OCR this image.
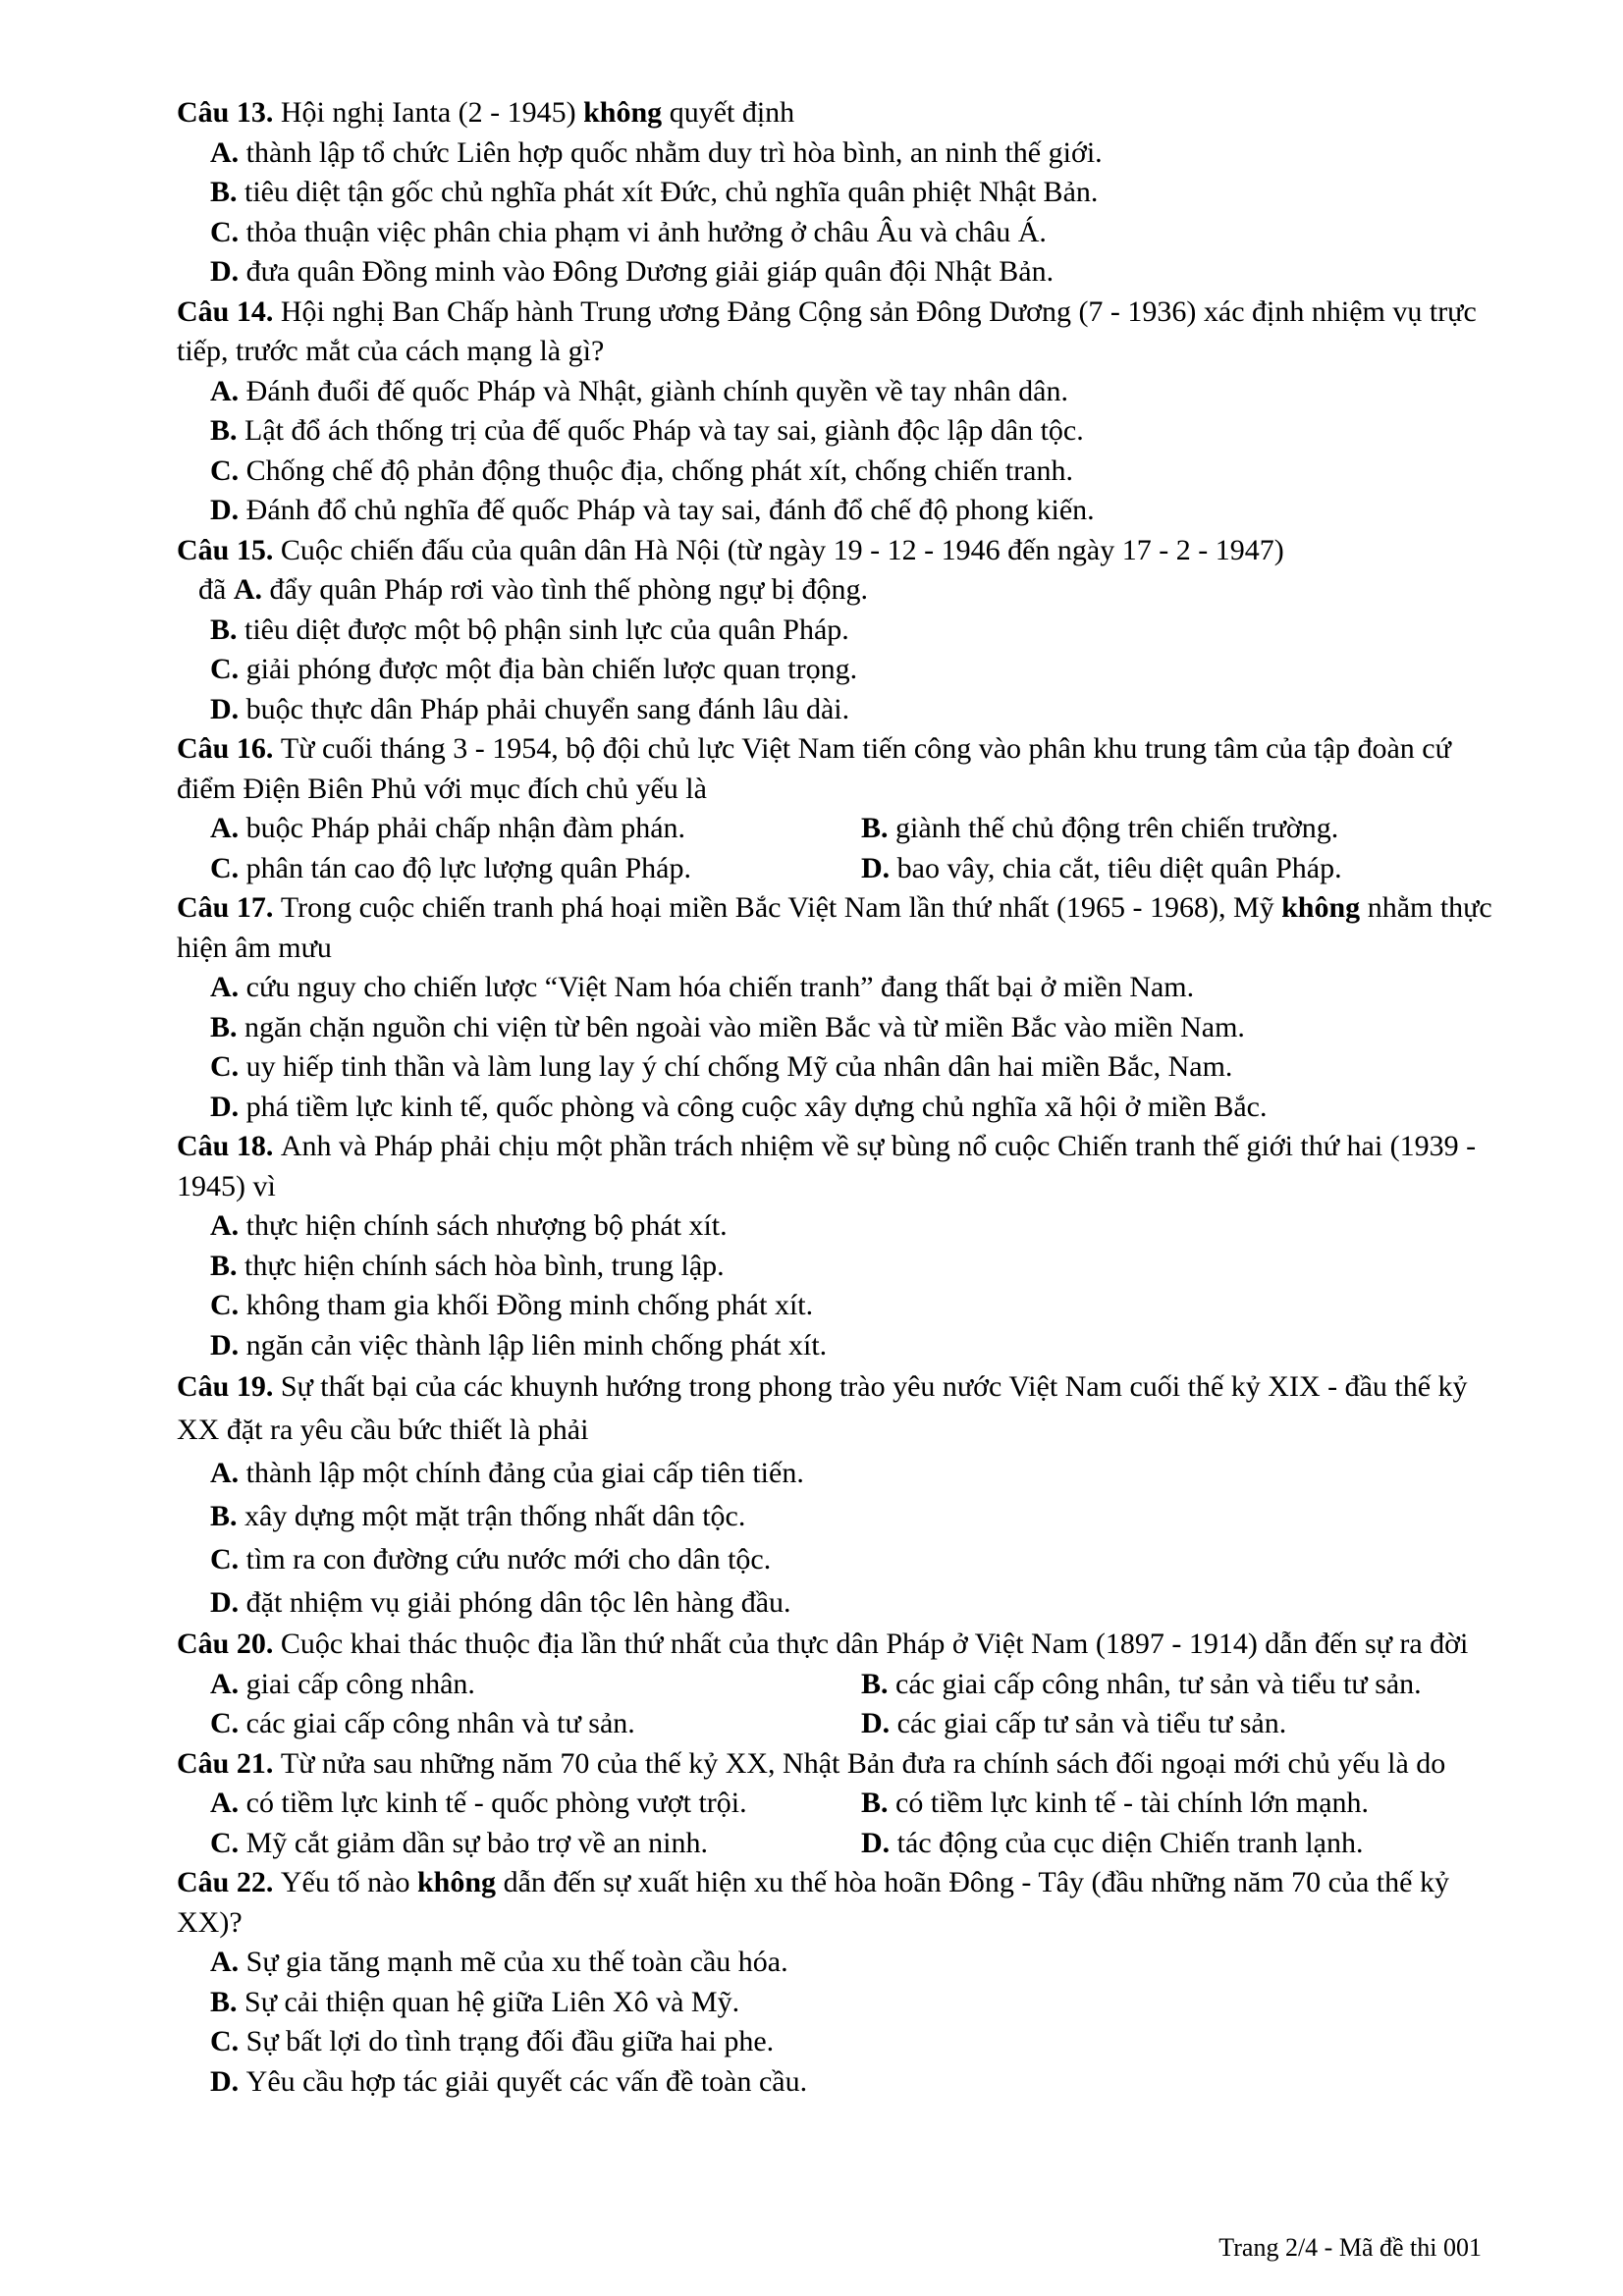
Câu 13. Hội nghị Ianta (2 - 1945) không quyết định
A. thành lập tổ chức Liên hợp quốc nhằm duy trì hòa bình, an ninh thế giới.
B. tiêu diệt tận gốc chủ nghĩa phát xít Đức, chủ nghĩa quân phiệt Nhật Bản.
C. thỏa thuận việc phân chia phạm vi ảnh hưởng ở châu Âu và châu Á.
D. đưa quân Đồng minh vào Đông Dương giải giáp quân đội Nhật Bản.
Câu 14. Hội nghị Ban Chấp hành Trung ương Đảng Cộng sản Đông Dương (7 - 1936) xác định nhiệm vụ trực tiếp, trước mắt của cách mạng là gì?
A. Đánh đuổi đế quốc Pháp và Nhật, giành chính quyền về tay nhân dân.
B. Lật đổ ách thống trị của đế quốc Pháp và tay sai, giành độc lập dân tộc.
C. Chống chế độ phản động thuộc địa, chống phát xít, chống chiến tranh.
D. Đánh đổ chủ nghĩa đế quốc Pháp và tay sai, đánh đổ chế độ phong kiến.
Câu 15. Cuộc chiến đấu của quân dân Hà Nội (từ ngày 19 - 12 - 1946 đến ngày 17 - 2 - 1947)
đã A. đẩy quân Pháp rơi vào tình thế phòng ngự bị động.
B. tiêu diệt được một bộ phận sinh lực của quân Pháp.
C. giải phóng được một địa bàn chiến lược quan trọng.
D. buộc thực dân Pháp phải chuyển sang đánh lâu dài.
Câu 16. Từ cuối tháng 3 - 1954, bộ đội chủ lực Việt Nam tiến công vào phân khu trung tâm của tập đoàn cứ điểm Điện Biên Phủ với mục đích chủ yếu là
A. buộc Pháp phải chấp nhận đàm phán.	B. giành thế chủ động trên chiến trường.
C. phân tán cao độ lực lượng quân Pháp.	D. bao vây, chia cắt, tiêu diệt quân Pháp.
Câu 17. Trong cuộc chiến tranh phá hoại miền Bắc Việt Nam lần thứ nhất (1965 - 1968), Mỹ không nhằm thực hiện âm mưu
A. cứu nguy cho chiến lược “Việt Nam hóa chiến tranh” đang thất bại ở miền Nam.
B. ngăn chặn nguồn chi viện từ bên ngoài vào miền Bắc và từ miền Bắc vào miền Nam.
C. uy hiếp tinh thần và làm lung lay ý chí chống Mỹ của nhân dân hai miền Bắc, Nam.
D. phá tiềm lực kinh tế, quốc phòng và công cuộc xây dựng chủ nghĩa xã hội ở miền Bắc.
Câu 18. Anh và Pháp phải chịu một phần trách nhiệm về sự bùng nổ cuộc Chiến tranh thế giới thứ hai (1939 - 1945) vì
A. thực hiện chính sách nhượng bộ phát xít.
B. thực hiện chính sách hòa bình, trung lập.
C. không tham gia khối Đồng minh chống phát xít.
D. ngăn cản việc thành lập liên minh chống phát xít.
Câu 19. Sự thất bại của các khuynh hướng trong phong trào yêu nước Việt Nam cuối thế kỷ XIX - đầu thế kỷ XX đặt ra yêu cầu bức thiết là phải
A. thành lập một chính đảng của giai cấp tiên tiến.
B. xây dựng một mặt trận thống nhất dân tộc.
C. tìm ra con đường cứu nước mới cho dân tộc.
D. đặt nhiệm vụ giải phóng dân tộc lên hàng đầu.
Câu 20. Cuộc khai thác thuộc địa lần thứ nhất của thực dân Pháp ở Việt Nam (1897 - 1914) dẫn đến sự ra đời
A. giai cấp công nhân.	B. các giai cấp công nhân, tư sản và tiểu tư sản.
C. các giai cấp công nhân và tư sản.	D. các giai cấp tư sản và tiểu tư sản.
Câu 21. Từ nửa sau những năm 70 của thế kỷ XX, Nhật Bản đưa ra chính sách đối ngoại mới chủ yếu là do
A. có tiềm lực kinh tế - quốc phòng vượt trội.	B. có tiềm lực kinh tế - tài chính lớn mạnh.
C. Mỹ cắt giảm dần sự bảo trợ về an ninh.	D. tác động của cục diện Chiến tranh lạnh.
Câu 22. Yếu tố nào không dẫn đến sự xuất hiện xu thế hòa hoãn Đông - Tây (đầu những năm 70 của thế kỷ XX)?
A. Sự gia tăng mạnh mẽ của xu thế toàn cầu hóa.
B. Sự cải thiện quan hệ giữa Liên Xô và Mỹ.
C. Sự bất lợi do tình trạng đối đầu giữa hai phe.
D. Yêu cầu hợp tác giải quyết các vấn đề toàn cầu.
Trang 2/4 - Mã đề thi 001
